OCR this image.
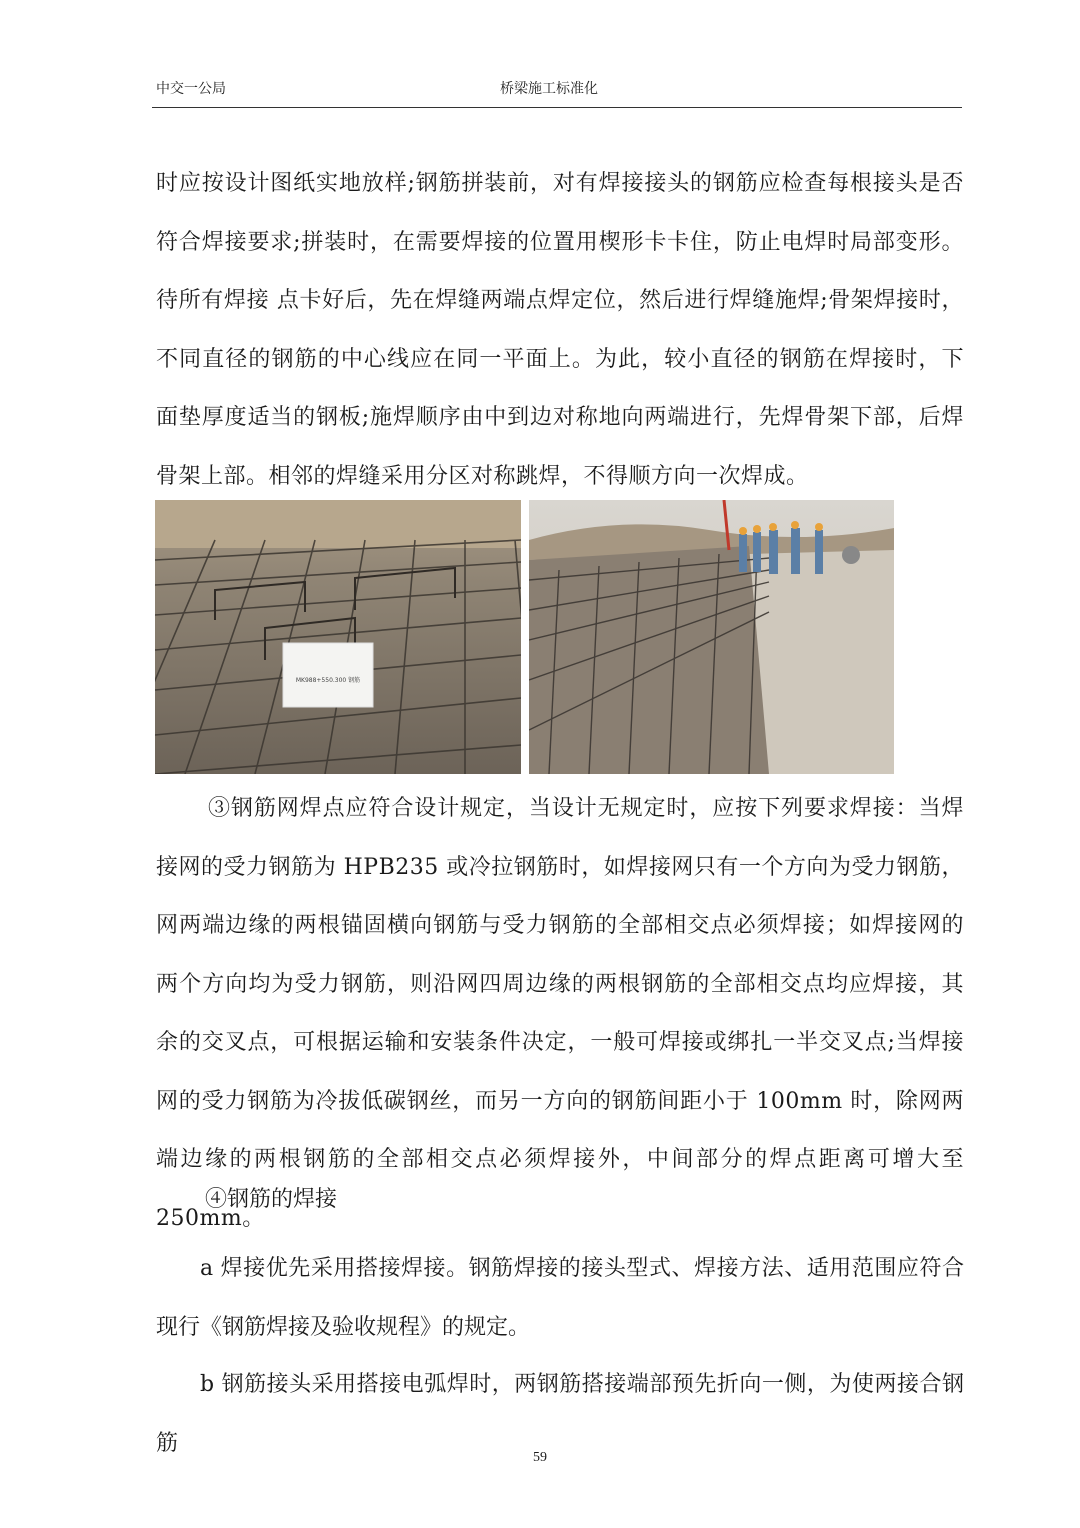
中交一公局	桥梁施工标准化
时应按设计图纸实地放样;钢筋拼装前，对有焊接接头的钢筋应检查每根接头是否符合焊接要求;拼装时，在需要焊接的位置用楔形卡卡住，防止电焊时局部变形。待所有焊接 点卡好后，先在焊缝两端点焊定位，然后进行焊缝施焊;骨架焊接时，不同直径的钢筋的中心线应在同一平面上。为此，较小直径的钢筋在焊接时，下面垫厚度适当的钢板;施焊顺序由中到边对称地向两端进行，先焊骨架下部，后焊骨架上部。相邻的焊缝采用分区对称跳焊，不得顺方向一次焊成。
MK988+550.300 钢筋
③钢筋网焊点应符合设计规定，当设计无规定时，应按下列要求焊接：当焊接网的受力钢筋为 HPB235 或冷拉钢筋时，如焊接网只有一个方向为受力钢筋，网两端边缘的两根锚固横向钢筋与受力钢筋的全部相交点必须焊接；如焊接网的两个方向均为受力钢筋，则沿网四周边缘的两根钢筋的全部相交点均应焊接，其余的交叉点，可根据运输和安装条件决定，一般可焊接或绑扎一半交叉点;当焊接网的受力钢筋为冷拔低碳钢丝，而另一方向的钢筋间距小于 100mm 时，除网两端边缘的两根钢筋的全部相交点必须焊接外，中间部分的焊点距离可增大至 250mm。
④钢筋的焊接
a 焊接优先采用搭接焊接。钢筋焊接的接头型式、焊接方法、适用范围应符合现行《钢筋焊接及验收规程》的规定。
b 钢筋接头采用搭接电弧焊时，两钢筋搭接端部预先折向一侧，为使两接合钢筋
59
